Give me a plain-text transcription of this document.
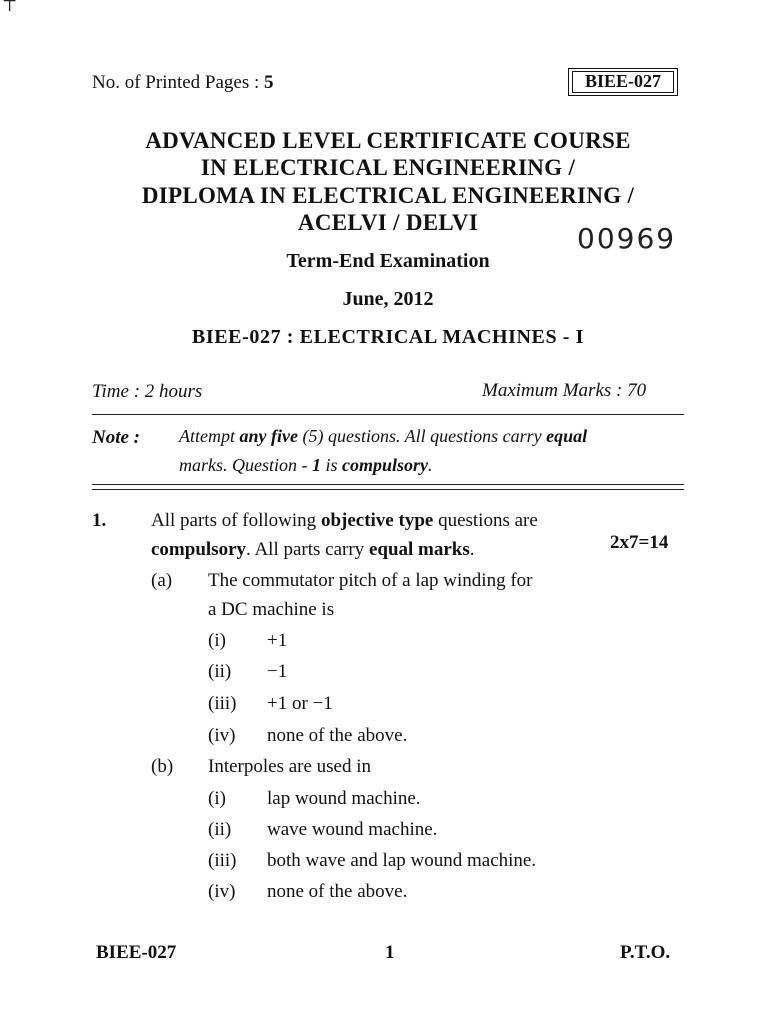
⊤
No. of Printed Pages : 5	BIEE-027
ADVANCED LEVEL CERTIFICATE COURSE
IN ELECTRICAL ENGINEERING /
DIPLOMA IN ELECTRICAL ENGINEERING /
ACELVI / DELVI	00969
Term-End Examination
June, 2012
BIEE-027 : ELECTRICAL MACHINES - I
Time : 2 hours	Maximum Marks : 70
Note : Attempt any five (5) questions. All questions carry equal
marks. Question - 1 is compulsory.
1. All parts of following objective type questions are
compulsory. All parts carry equal marks.	2x7=14
(a) The commutator pitch of a lap winding for
a DC machine is
(i) +1
(ii) −1
(iii) +1 or −1
(iv) none of the above.
(b) Interpoles are used in
(i) lap wound machine.
(ii) wave wound machine.
(iii) both wave and lap wound machine.
(iv) none of the above.
BIEE-027	1	P.T.O.
